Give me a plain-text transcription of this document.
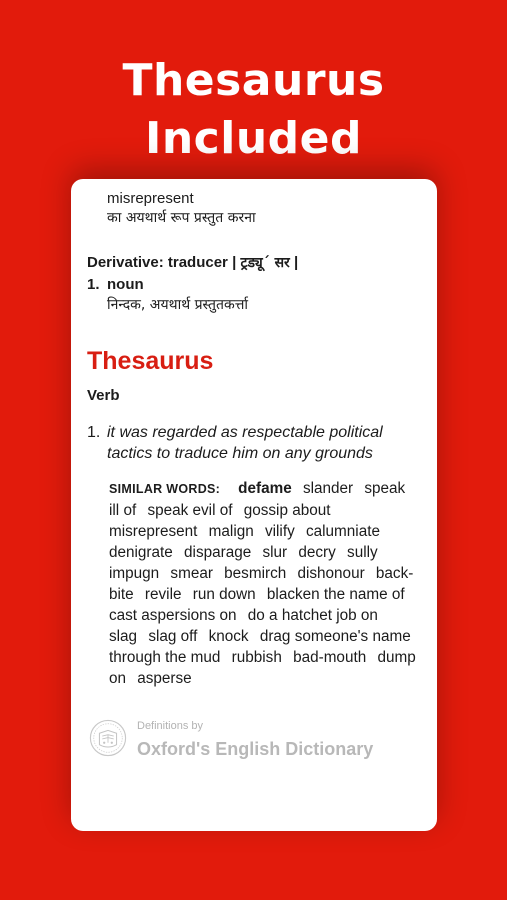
Thesaurus
Included
misrepresent
का अयथार्थ रूप प्रस्तुत करना
Derivative: traducer | ट्रड्यू´ सर |
1. noun
निन्दक, अयथार्थ प्रस्तुतकर्त्ता
Thesaurus
Verb
1. it was regarded as respectable political tactics to traduce him on any grounds
SIMILAR WORDS: defame slander speak ill of speak evil of gossip about misrepresent malign vilify calumniate denigrate disparage slur decry sully impugn smear besmirch dishonour back-bite revile run down blacken the name of cast aspersions on do a hatchet job on slag slag off knock drag someone's name through the mud rubbish bad-mouth dump on asperse
Definitions by
Oxford's English Dictionary
